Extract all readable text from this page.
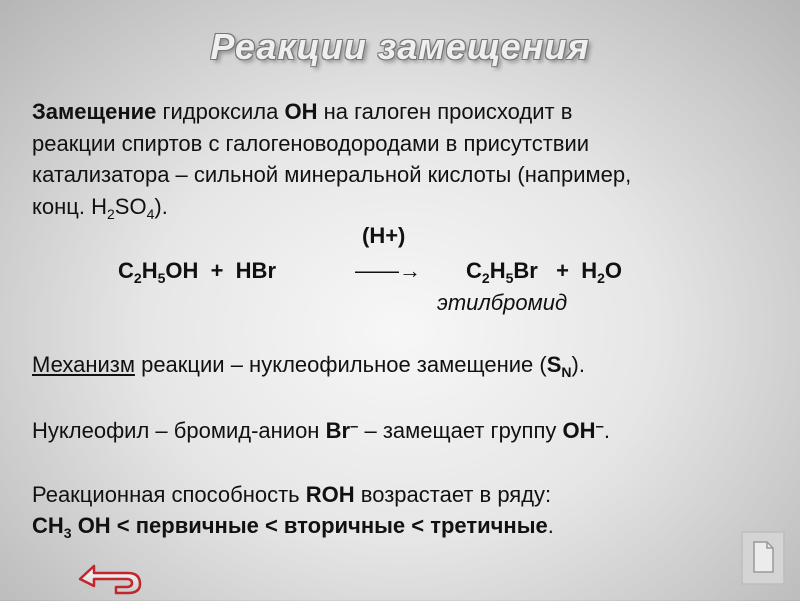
Реакции замещения
Замещение гидроксила ОН на галоген происходит в
реакции спиртов с галогеноводородами в присутствии
катализатора – сильной минеральной кислоты (например,
конц. $H_2SO_4$).
(H+)
$C_2H_5OH$  +  HBr	——→ $C_2H_5Br + H_2O$
этилбромид
Механизм реакции – нуклеофильное замещение $(S_N)$.
Нуклеофил – бромид-анион Br– – замещает группу OH–.
Реакционная способность ROH возрастает в ряду:
$CH_3$ OH < первичные < вторичные < третичные.
